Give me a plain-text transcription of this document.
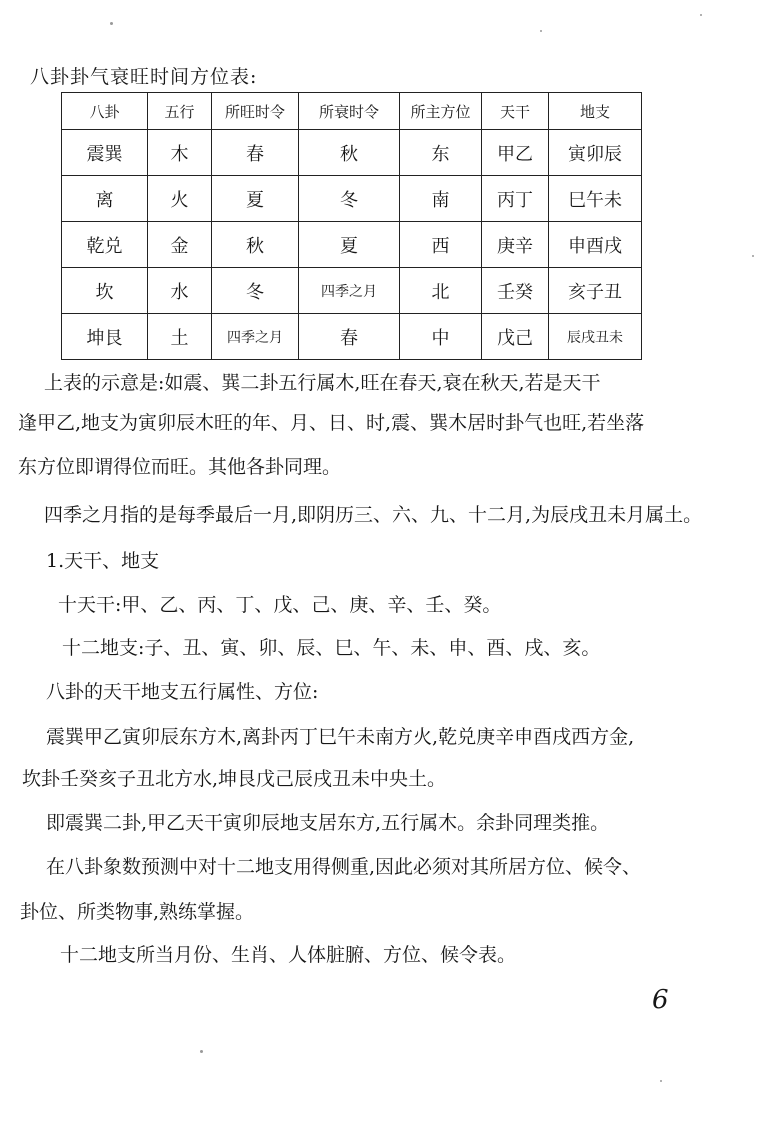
八卦卦气衰旺时间方位表:
八卦	五行	所旺时令	所衰时令	所主方位	天干	地支
震巽	木	春	秋	东	甲乙	寅卯辰
离	火	夏	冬	南	丙丁	巳午未
乾兑	金	秋	夏	西	庚辛	申酉戌
坎	水	冬	四季之月	北	壬癸	亥子丑
坤艮	土	四季之月	春	中	戊己	辰戌丑未
上表的示意是:如震、巽二卦五行属木,旺在春天,衰在秋天,若是天干
逢甲乙,地支为寅卯辰木旺的年、月、日、时,震、巽木居时卦气也旺,若坐落
东方位即谓得位而旺。其他各卦同理。
四季之月指的是每季最后一月,即阴历三、六、九、十二月,为辰戌丑未月属土。
1.天干、地支
十天干:甲、乙、丙、丁、戊、己、庚、辛、壬、癸。
十二地支:子、丑、寅、卯、辰、巳、午、未、申、酉、戌、亥。
八卦的天干地支五行属性、方位:
震巽甲乙寅卯辰东方木,离卦丙丁巳午未南方火,乾兑庚辛申酉戌西方金,
坎卦壬癸亥子丑北方水,坤艮戊己辰戌丑未中央土。
即震巽二卦,甲乙天干寅卯辰地支居东方,五行属木。余卦同理类推。
在八卦象数预测中对十二地支用得侧重,因此必须对其所居方位、候令、
卦位、所类物事,熟练掌握。
十二地支所当月份、生肖、人体脏腑、方位、候令表。
6
